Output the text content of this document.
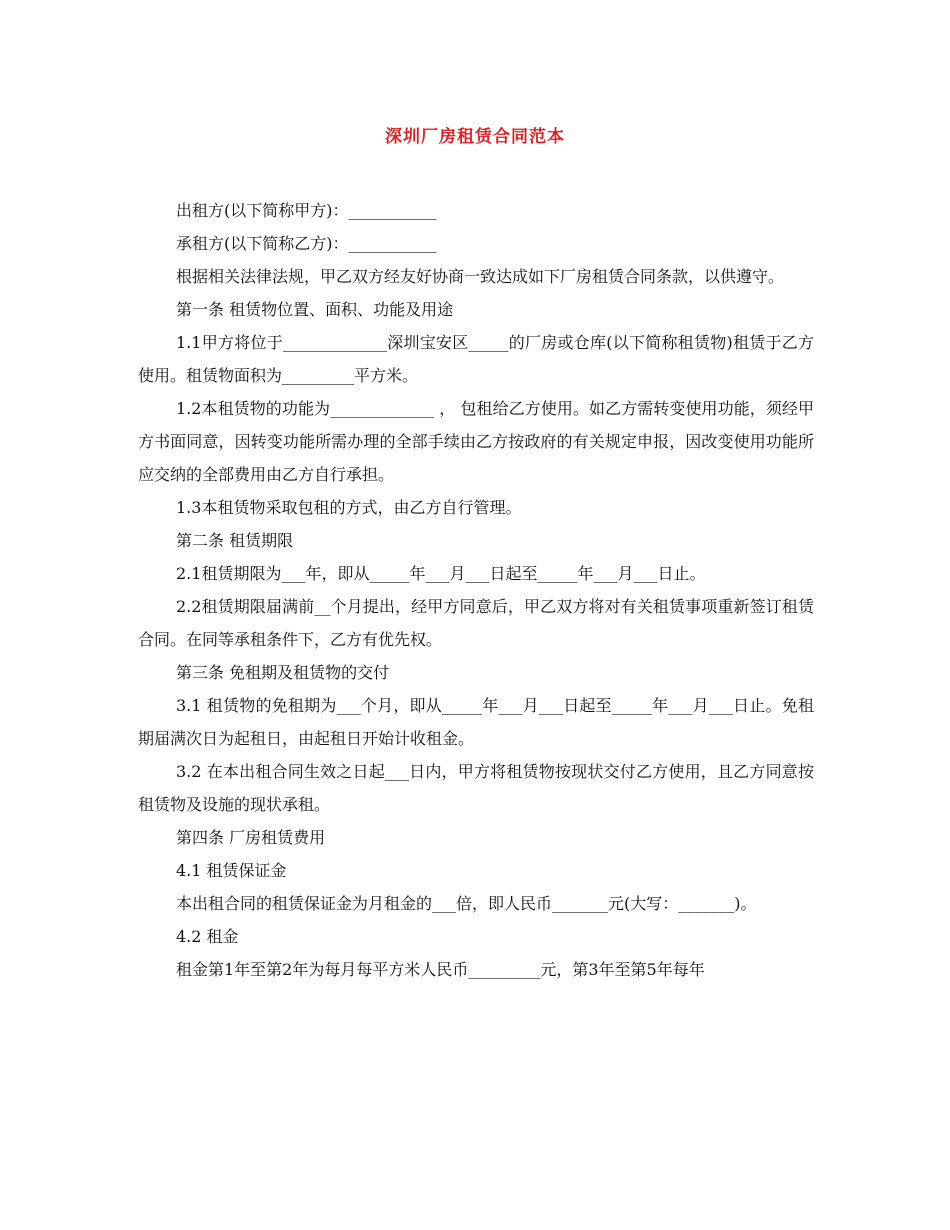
深圳厂房租赁合同范本

出租方(以下简称甲方)：___________

承租方(以下简称乙方)：___________

根据相关法律法规，甲乙双方经友好协商一致达成如下厂房租赁合同条款，以供遵守。

第一条 租赁物位置、面积、功能及用途

1.1甲方将位于_____________深圳宝安区_____的厂房或仓库(以下简称租赁物)租赁于乙方使用。租赁物面积为_________平方米。

1.2本租赁物的功能为_____________ ， 包租给乙方使用。如乙方需转变使用功能，须经甲方书面同意，因转变功能所需办理的全部手续由乙方按政府的有关规定申报，因改变使用功能所应交纳的全部费用由乙方自行承担。

1.3本租赁物采取包租的方式，由乙方自行管理。

第二条 租赁期限

2.1租赁期限为___年，即从_____年___月___日起至_____年___月___日止。

2.2租赁期限届满前__个月提出，经甲方同意后，甲乙双方将对有关租赁事项重新签订租赁合同。在同等承租条件下，乙方有优先权。

第三条 免租期及租赁物的交付

3.1 租赁物的免租期为___个月，即从_____年___月___日起至_____年___月___日止。免租期届满次日为起租日，由起租日开始计收租金。

3.2 在本出租合同生效之日起___日内，甲方将租赁物按现状交付乙方使用，且乙方同意按租赁物及设施的现状承租。

第四条 厂房租赁费用

4.1 租赁保证金

本出租合同的租赁保证金为月租金的___倍，即人民币_______元(大写：_______)。

4.2 租金

租金第1年至第2年为每月每平方米人民币_________元，第3年至第5年每年
